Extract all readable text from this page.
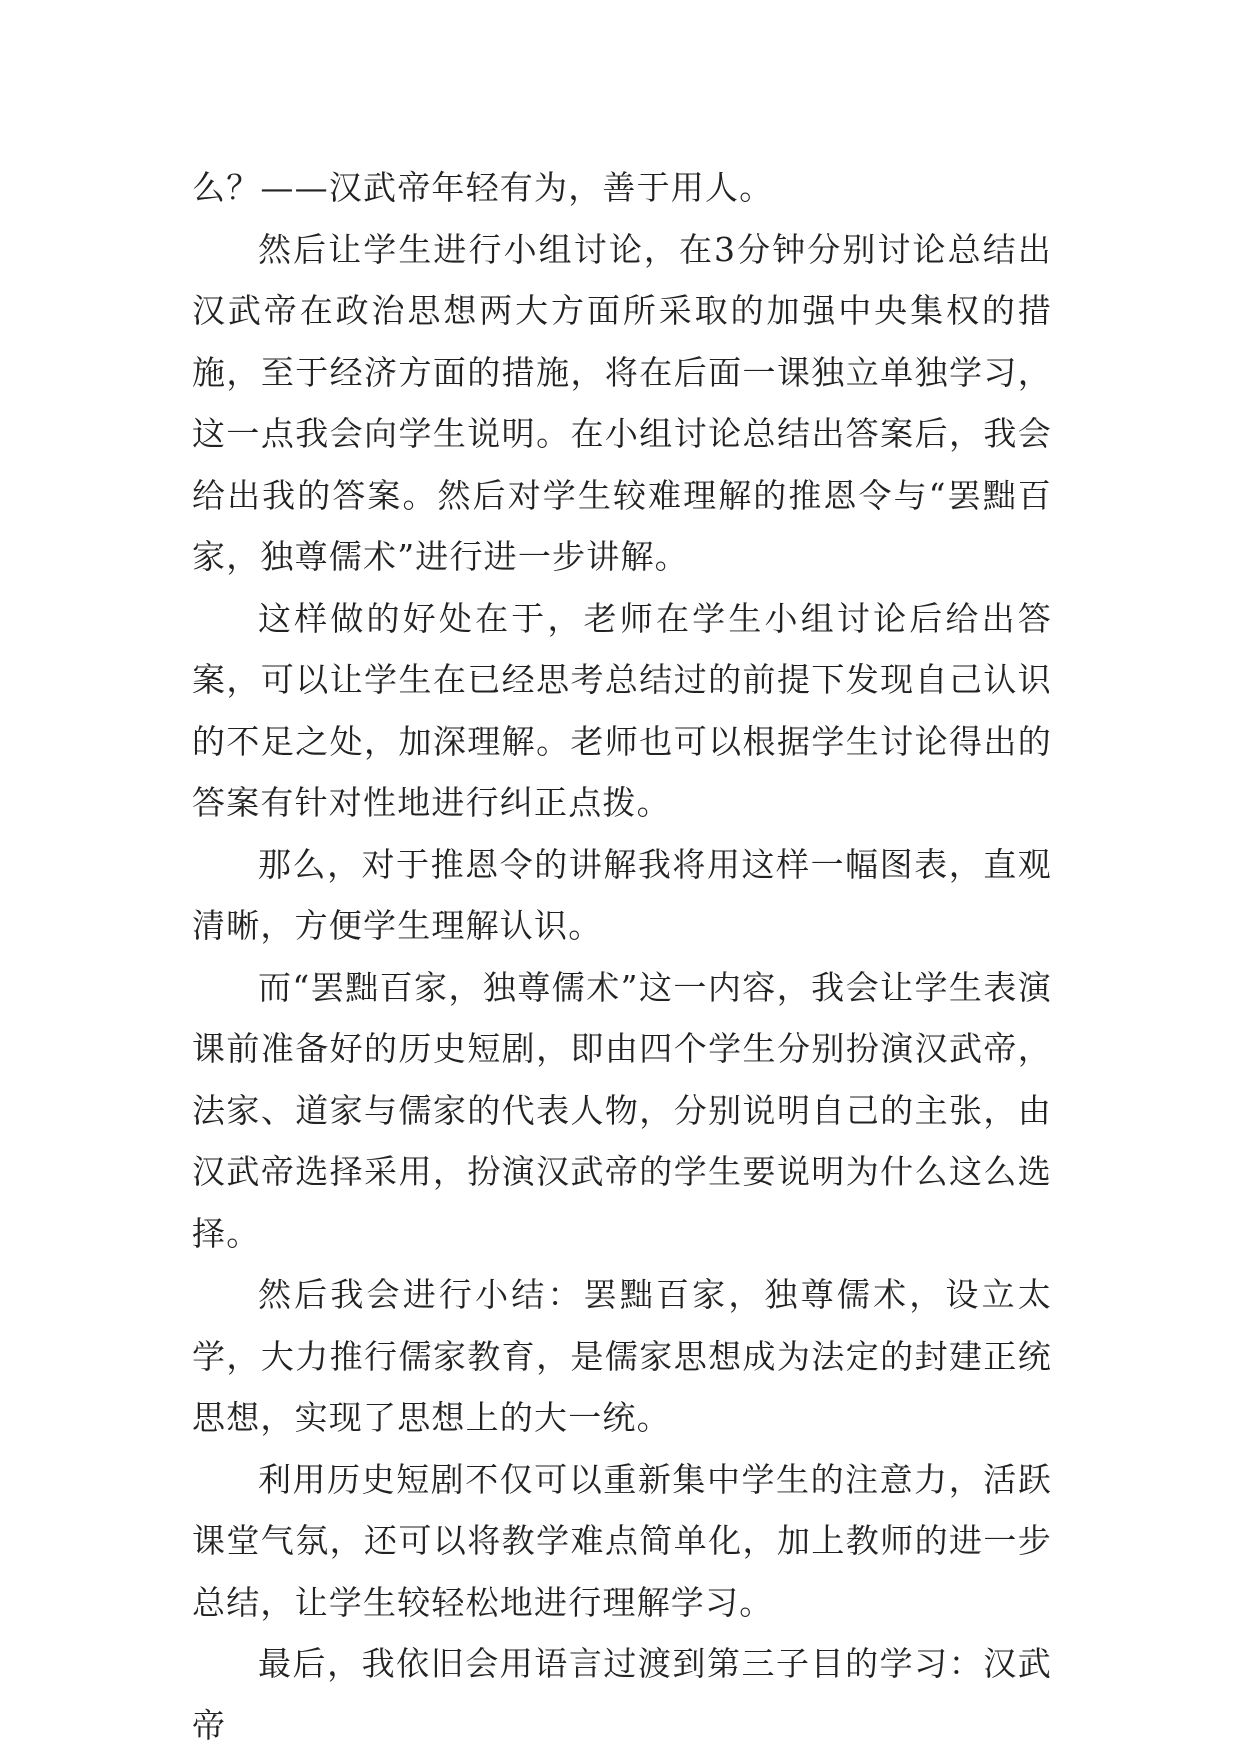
么？——汉武帝年轻有为，善于用人。

然后让学生进行小组讨论，在3分钟分别讨论总结出汉武帝在政治思想两大方面所采取的加强中央集权的措施，至于经济方面的措施，将在后面一课独立单独学习，这一点我会向学生说明。在小组讨论总结出答案后，我会给出我的答案。然后对学生较难理解的推恩令与“罢黜百家，独尊儒术”进行进一步讲解。

这样做的好处在于，老师在学生小组讨论后给出答案，可以让学生在已经思考总结过的前提下发现自己认识的不足之处，加深理解。老师也可以根据学生讨论得出的答案有针对性地进行纠正点拨。

那么，对于推恩令的讲解我将用这样一幅图表，直观清晰，方便学生理解认识。

而“罢黜百家，独尊儒术”这一内容，我会让学生表演课前准备好的历史短剧，即由四个学生分别扮演汉武帝，法家、道家与儒家的代表人物，分别说明自己的主张，由汉武帝选择采用，扮演汉武帝的学生要说明为什么这么选择。

然后我会进行小结：罢黜百家，独尊儒术，设立太学，大力推行儒家教育，是儒家思想成为法定的封建正统思想，实现了思想上的大一统。

利用历史短剧不仅可以重新集中学生的注意力，活跃课堂气氛，还可以将教学难点简单化，加上教师的进一步总结，让学生较轻松地进行理解学习。

最后，我依旧会用语言过渡到第三子目的学习：汉武帝
